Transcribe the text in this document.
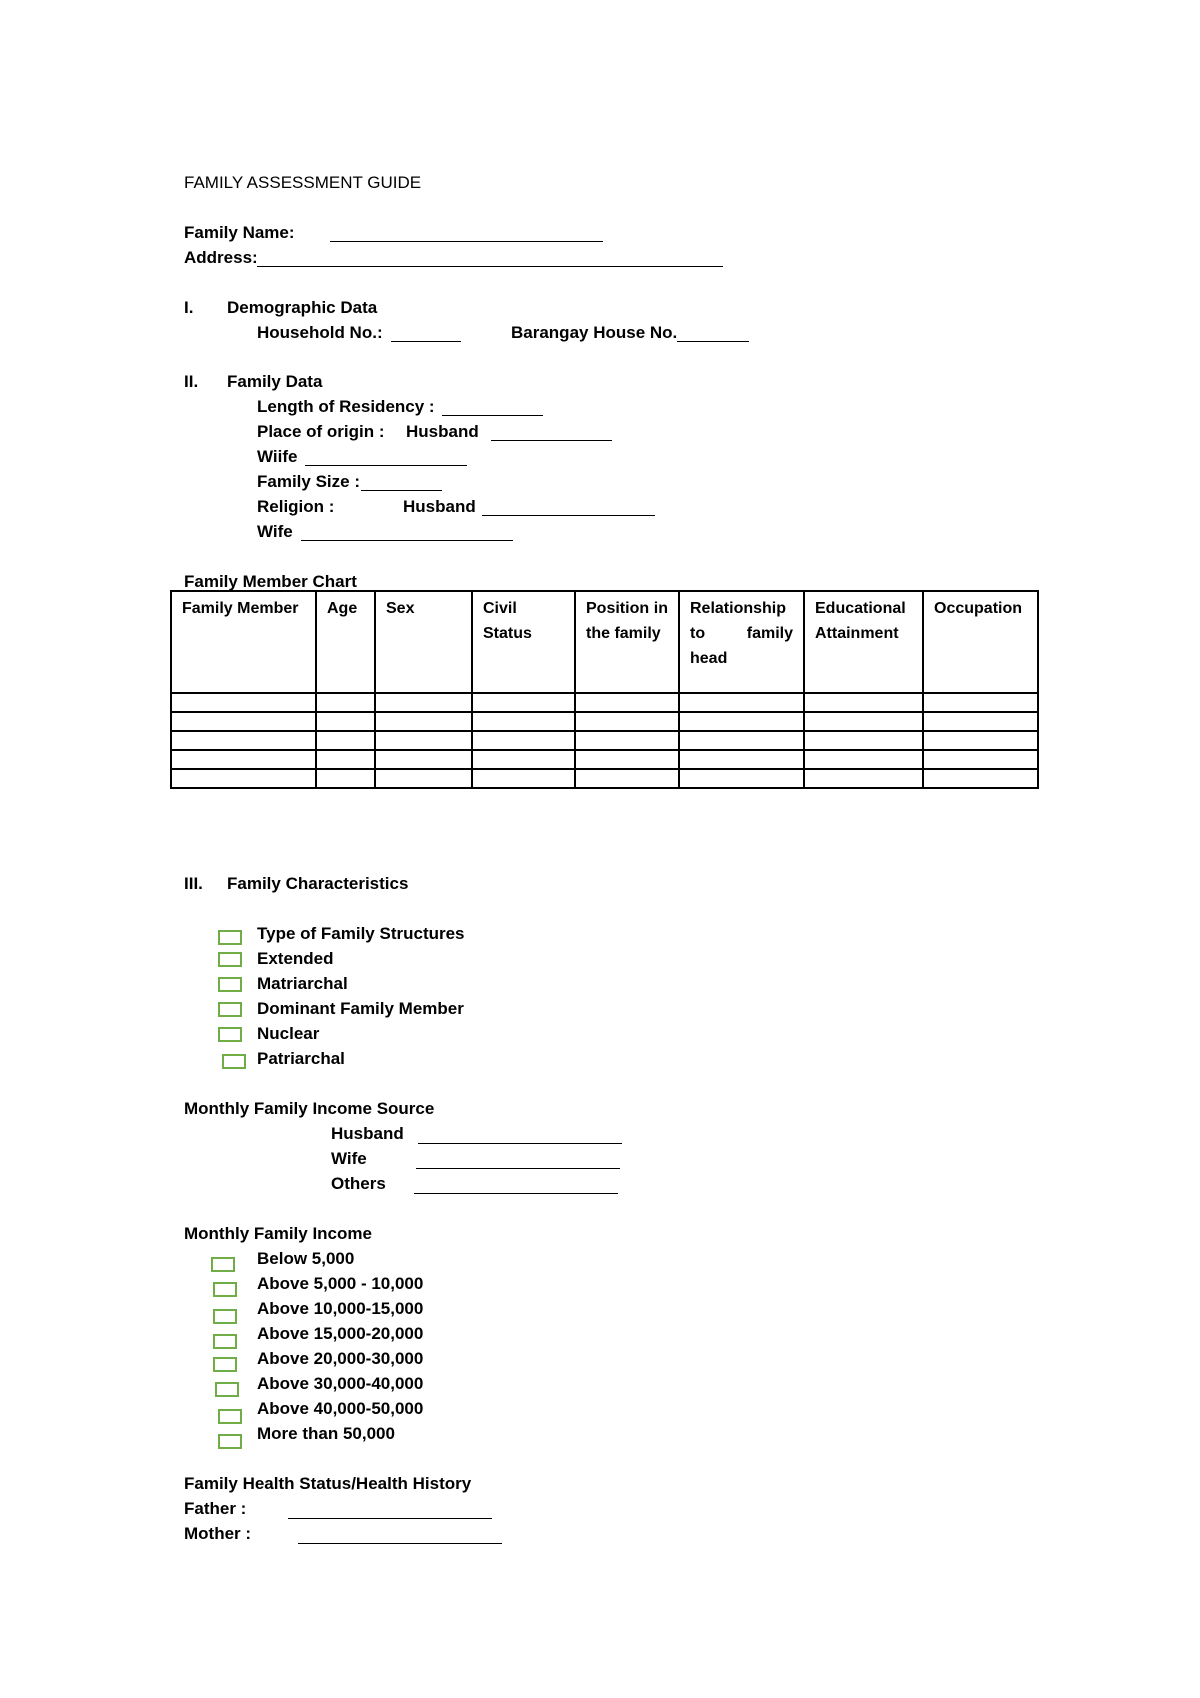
FAMILY ASSESSMENT GUIDE
Family Name:
Address:
I. Demographic Data
Household No.:	Barangay House No.
II. Family Data
Length of Residency :
Place of origin : Husband
Wiife
Family Size :
Religion :	Husband
Wife
Family Member Chart
Family Member	Age	Sex	Civil Status	Position in the family	Relationship to family head	Educational Attainment	Occupation

III. Family Characteristics
Type of Family Structures
Extended
Matriarchal
Dominant Family Member
Nuclear
Patriarchal
Monthly Family Income Source
Husband
Wife
Others
Monthly Family Income
Below 5,000
Above 5,000 - 10,000
Above 10,000-15,000
Above 15,000-20,000
Above 20,000-30,000
Above 30,000-40,000
Above 40,000-50,000
More than 50,000
Family Health Status/Health History
Father :
Mother :
